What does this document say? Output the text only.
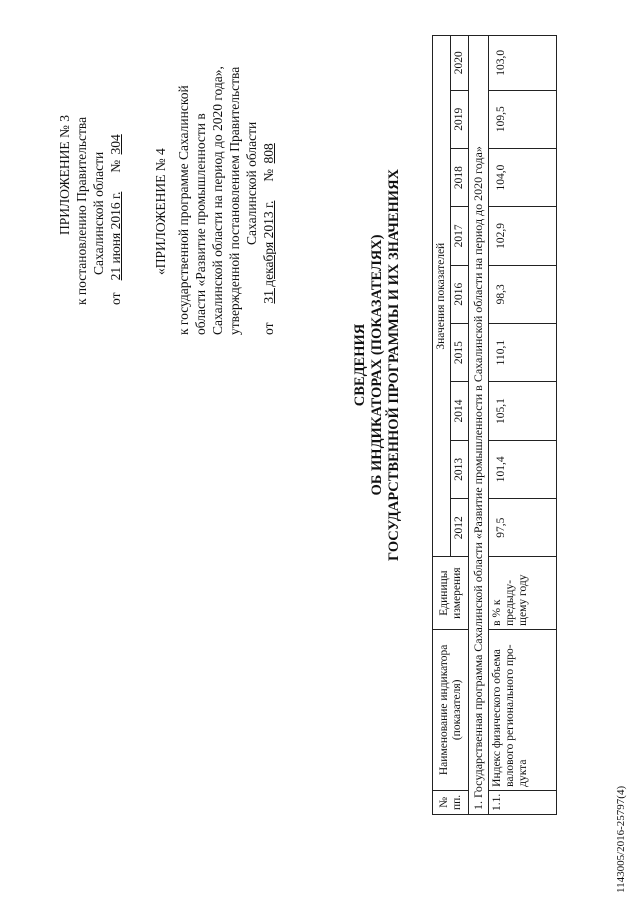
ПРИЛОЖЕНИЕ № 3 к постановлению Правительства Сахалинской области
от   21 июня 2016 г.     № 304
«ПРИЛОЖЕНИЕ № 4 к государственной программе Сахалинской области «Развитие промышленности в Сахалинской области на период до 2020 года», утвержденной постановлением Правительства Сахалинской области
от     31 декабря 2013 г.     № 808
СВЕДЕНИЯ ОБ ИНДИКАТОРАХ (ПОКАЗАТЕЛЯХ) ГОСУДАРСТВЕННОЙ ПРОГРАММЫ И ИХ ЗНАЧЕНИЯХ
№ пп.	Наименование индикатора (показателя)	Единицы измерения	Значения показателей								
			2012	2013	2014	2015	2016	2017	2018	2019	2020
1. Государственная программа Сахалинской области «Развитие промышленности в Сахалинской области на период до 2020 года»											
1.1.	Индекс физического объема валового регионального про-дукта	в % к предыду-щему году	97,5	101,4	105,1	110,1	98,3	102,9	104,0	109,5	103,0
1143005/2016-25797(4)
